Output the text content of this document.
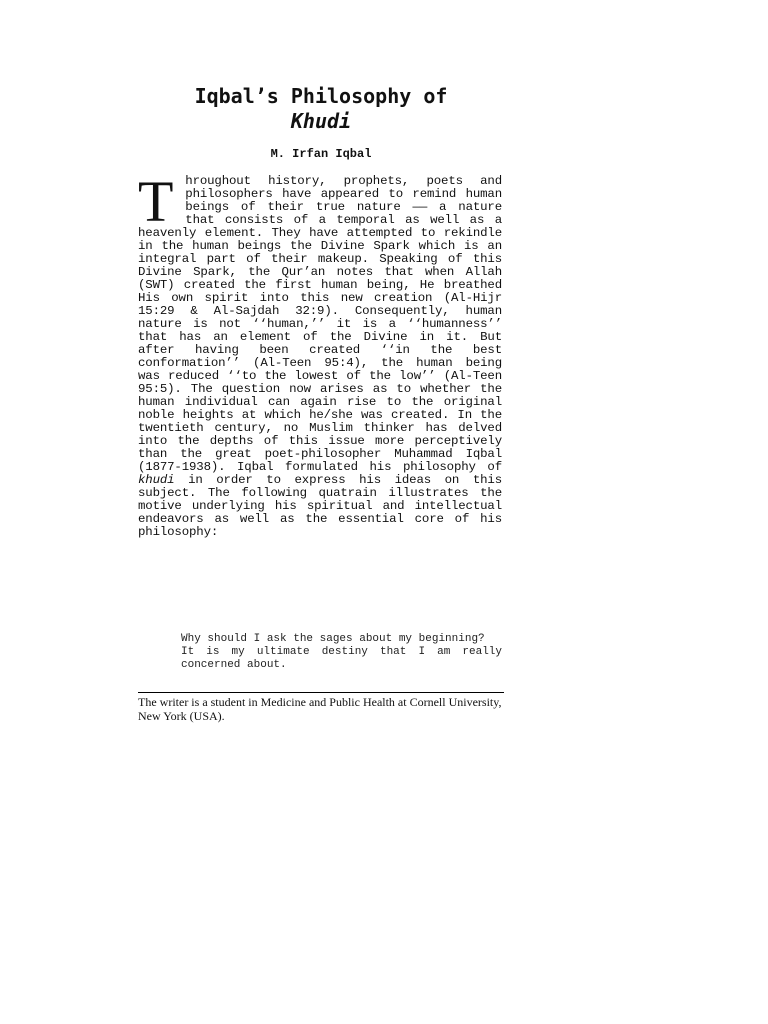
Iqbal’s Philosophy of
Khudi
M. Irfan Iqbal
Throughout history, prophets, poets and philosophers have appeared to remind human beings of their true nature —— a nature that consists of a temporal as well as a heavenly element. They have attempted to rekindle in the human beings the Divine Spark which is an integral part of their makeup. Speaking of this Divine Spark, the Qur’an notes that when Allah (SWT) created the first human being, He breathed His own spirit into this new creation (Al-Hijr 15:29 & Al-Sajdah 32:9). Consequently, human nature is not ‘‘human,’’ it is a ‘‘humanness’’ that has an element of the Divine in it. But after having been created ‘‘in the best conformation’’ (Al-Teen 95:4), the human being was reduced ‘‘to the lowest of the low’’ (Al-Teen 95:5). The question now arises as to whether the human individual can again rise to the original noble heights at which he/she was created. In the twentieth century, no Muslim thinker has delved into the depths of this issue more perceptively than the great poet-philosopher Muhammad Iqbal (1877-1938). Iqbal formulated his philosophy of khudi in order to express his ideas on this subject. The following quatrain illustrates the motive underlying his spiritual and intellectual endeavors as well as the essential core of his philosophy:
Why should I ask the sages about my beginning?
It is my ultimate destiny that I am really concerned about.
The writer is a student in Medicine and Public Health at Cornell University, New York (USA).
